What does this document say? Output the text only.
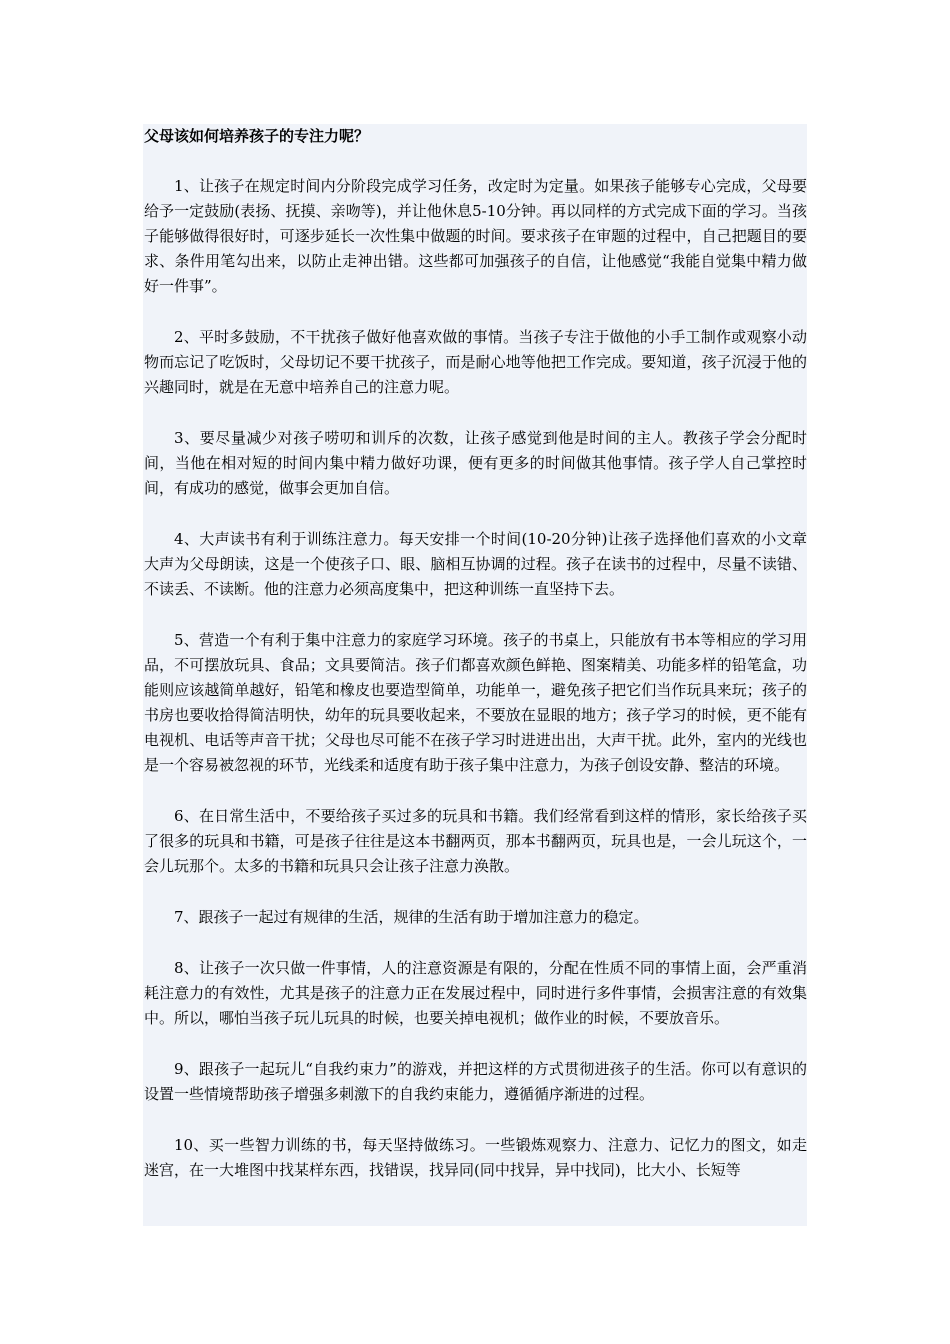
父母该如何培养孩子的专注力呢？

1、让孩子在规定时间内分阶段完成学习任务，改定时为定量。如果孩子能够专心完成，父母要给予一定鼓励(表扬、抚摸、亲吻等)，并让他休息5-10分钟。再以同样的方式完成下面的学习。当孩子能够做得很好时，可逐步延长一次性集中做题的时间。要求孩子在审题的过程中，自己把题目的要求、条件用笔勾出来，以防止走神出错。这些都可加强孩子的自信，让他感觉“我能自觉集中精力做好一件事”。

2、平时多鼓励，不干扰孩子做好他喜欢做的事情。当孩子专注于做他的小手工制作或观察小动物而忘记了吃饭时，父母切记不要干扰孩子，而是耐心地等他把工作完成。要知道，孩子沉浸于他的兴趣同时，就是在无意中培养自己的注意力呢。

3、要尽量减少对孩子唠叨和训斥的次数，让孩子感觉到他是时间的主人。教孩子学会分配时间，当他在相对短的时间内集中精力做好功课，便有更多的时间做其他事情。孩子学人自己掌控时间，有成功的感觉，做事会更加自信。

4、大声读书有利于训练注意力。每天安排一个时间(10-20分钟)让孩子选择他们喜欢的小文章大声为父母朗读，这是一个使孩子口、眼、脑相互协调的过程。孩子在读书的过程中，尽量不读错、不读丢、不读断。他的注意力必须高度集中，把这种训练一直坚持下去。

5、营造一个有利于集中注意力的家庭学习环境。孩子的书桌上，只能放有书本等相应的学习用品，不可摆放玩具、食品；文具要简洁。孩子们都喜欢颜色鲜艳、图案精美、功能多样的铅笔盒，功能则应该越简单越好，铅笔和橡皮也要造型简单，功能单一，避免孩子把它们当作玩具来玩；孩子的书房也要收拾得简洁明快，幼年的玩具要收起来，不要放在显眼的地方；孩子学习的时候，更不能有电视机、电话等声音干扰；父母也尽可能不在孩子学习时进进出出，大声干扰。此外，室内的光线也是一个容易被忽视的环节，光线柔和适度有助于孩子集中注意力，为孩子创设安静、整洁的环境。

6、在日常生活中，不要给孩子买过多的玩具和书籍。我们经常看到这样的情形，家长给孩子买了很多的玩具和书籍，可是孩子往往是这本书翻两页，那本书翻两页，玩具也是，一会儿玩这个，一会儿玩那个。太多的书籍和玩具只会让孩子注意力涣散。

7、跟孩子一起过有规律的生活，规律的生活有助于增加注意力的稳定。

8、让孩子一次只做一件事情，人的注意资源是有限的，分配在性质不同的事情上面，会严重消耗注意力的有效性，尤其是孩子的注意力正在发展过程中，同时进行多件事情，会损害注意的有效集中。所以，哪怕当孩子玩儿玩具的时候，也要关掉电视机；做作业的时候，不要放音乐。

9、跟孩子一起玩儿“自我约束力”的游戏，并把这样的方式贯彻进孩子的生活。你可以有意识的设置一些情境帮助孩子增强多刺激下的自我约束能力，遵循循序渐进的过程。

10、买一些智力训练的书，每天坚持做练习。一些锻炼观察力、注意力、记忆力的图文，如走迷宫，在一大堆图中找某样东西，找错误，找异同(同中找异，异中找同)，比大小、长短等
